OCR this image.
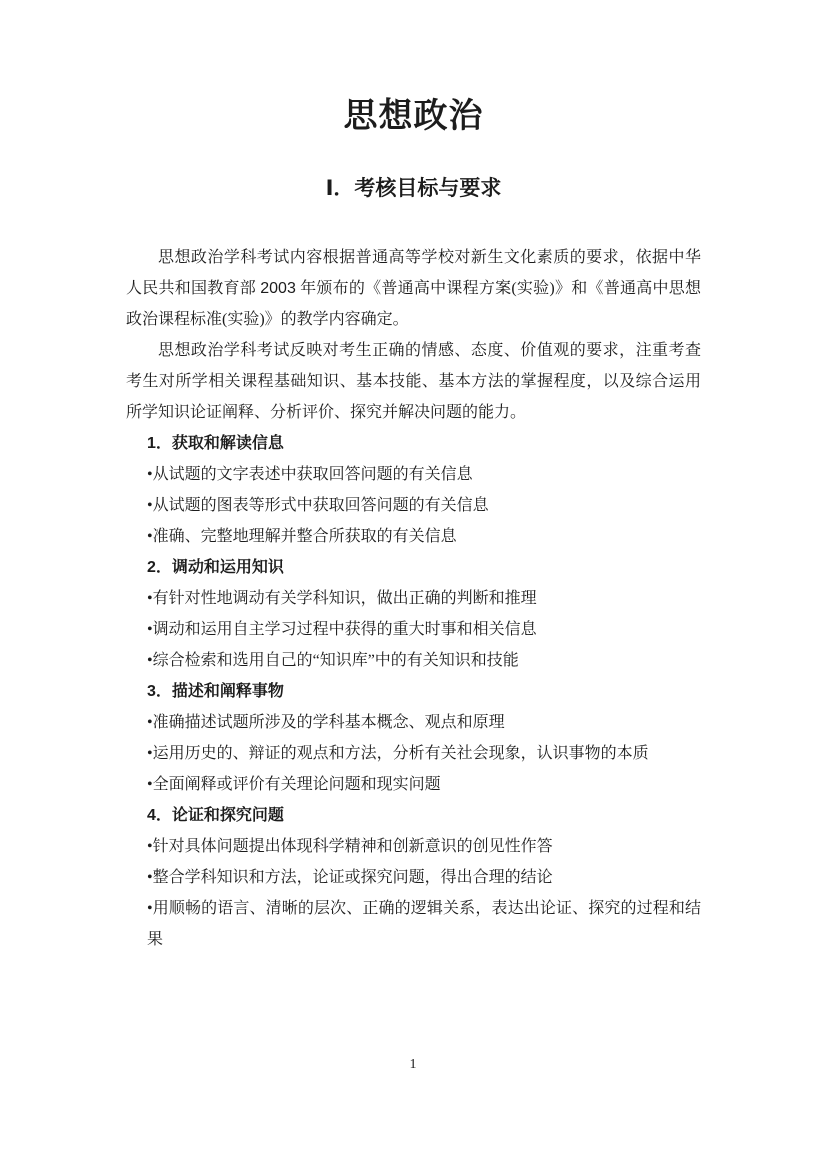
思想政治
Ⅰ．考核目标与要求

思想政治学科考试内容根据普通高等学校对新生文化素质的要求，依据中华人民共和国教育部 2003 年颁布的《普通高中课程方案(实验)》和《普通高中思想政治课程标准(实验)》的教学内容确定。

思想政治学科考试反映对考生正确的情感、态度、价值观的要求，注重考查考生对所学相关课程基础知识、基本技能、基本方法的掌握程度，以及综合运用所学知识论证阐释、分析评价、探究并解决问题的能力。

1．获取和解读信息

•从试题的文字表述中获取回答问题的有关信息

•从试题的图表等形式中获取回答问题的有关信息

•准确、完整地理解并整合所获取的有关信息

2．调动和运用知识

•有针对性地调动有关学科知识，做出正确的判断和推理

•调动和运用自主学习过程中获得的重大时事和相关信息

•综合检索和选用自己的“知识库”中的有关知识和技能

3．描述和阐释事物

•准确描述试题所涉及的学科基本概念、观点和原理

•运用历史的、辩证的观点和方法，分析有关社会现象，认识事物的本质

•全面阐释或评价有关理论问题和现实问题

4．论证和探究问题

•针对具体问题提出体现科学精神和创新意识的创见性作答

•整合学科知识和方法，论证或探究问题，得出合理的结论

•用顺畅的语言、清晰的层次、正确的逻辑关系，表达出论证、探究的过程和结果

1
